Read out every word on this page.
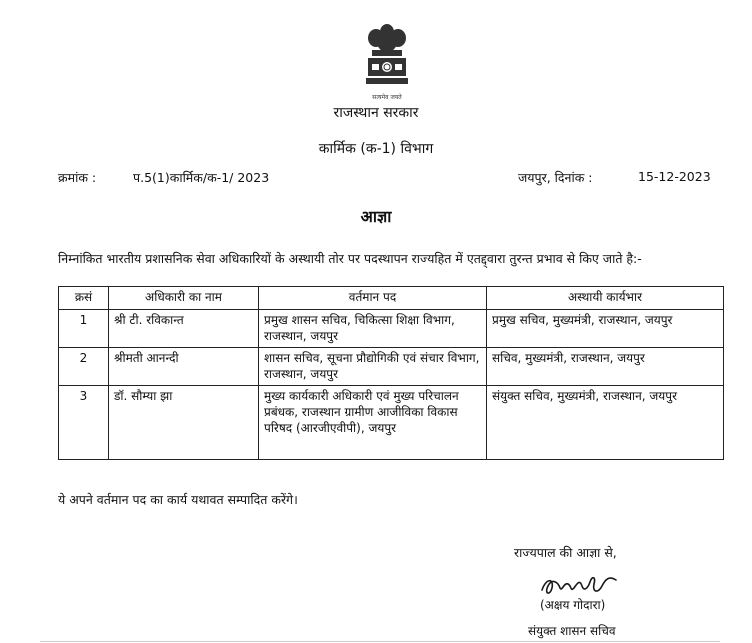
सत्यमेव जयते
राजस्थान सरकार
कार्मिक (क-1) विभाग
क्रमांक :	प.5(1)कार्मिक/क-1/ 2023	जयपुर, दिनांक :	15-12-2023
आज्ञा
निम्नांकित भारतीय प्रशासनिक सेवा अधिकारियों के अस्थायी तोर पर पदस्थापन राज्यहित में एतद्द्वारा तुरन्त प्रभाव से किए जाते है:-
क्रसं	अधिकारी का नाम	वर्तमान पद	अस्थायी कार्यभार
1	श्री टी. रविकान्त	प्रमुख शासन सचिव, चिकित्सा शिक्षा विभाग, राजस्थान, जयपुर	प्रमुख सचिव, मुख्यमंत्री, राजस्थान, जयपुर
2	श्रीमती आनन्दी	शासन सचिव, सूचना प्रौद्योगिकी एवं संचार विभाग, राजस्थान, जयपुर	सचिव, मुख्यमंत्री, राजस्थान, जयपुर
3	डॉ. सौम्या झा	मुख्य कार्यकारी अधिकारी एवं मुख्य परिचालन प्रबंधक, राजस्थान ग्रामीण आजीविका विकास परिषद (आरजीएवीपी), जयपुर	संयुक्त सचिव, मुख्यमंत्री, राजस्थान, जयपुर
ये अपने वर्तमान पद का कार्य यथावत सम्पादित करेंगे।
राज्यपाल की आज्ञा से,
(अक्षय गोदारा)
संयुक्त शासन सचिव
